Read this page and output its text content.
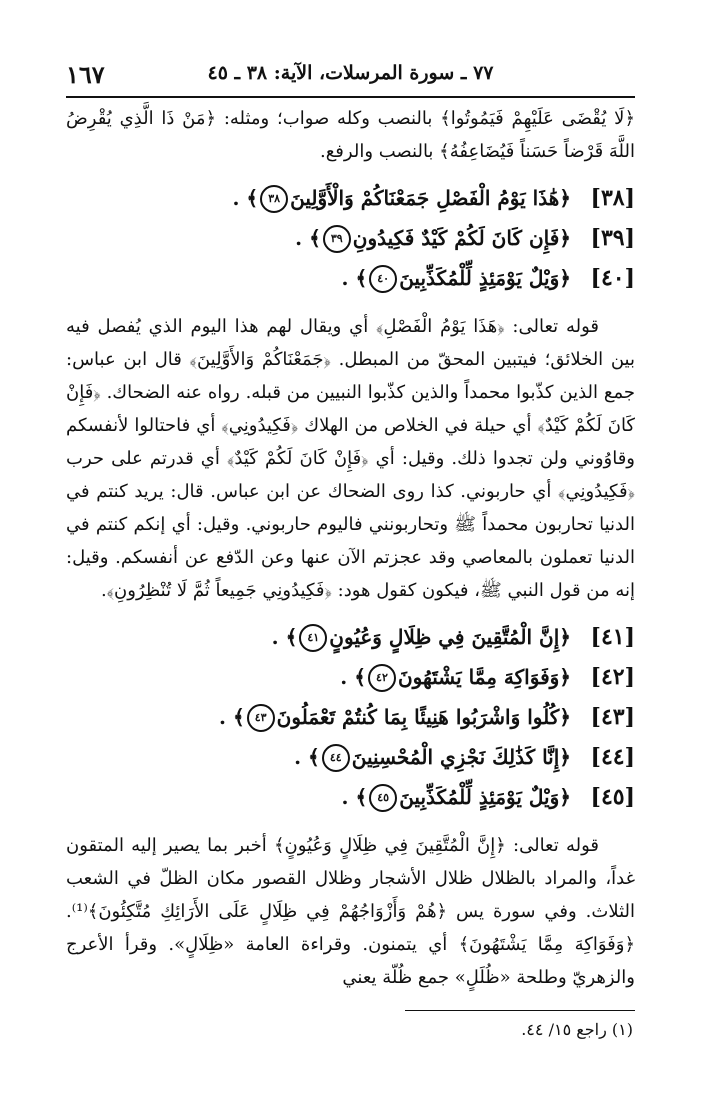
١٦٧	٧٧ ـ سورة المرسلات، الآية: ٣٨ ـ ٤٥

﴿لَا يُقْضَى عَلَيْهِمْ فَيَمُوتُوا﴾ بالنصب وكله صواب؛ ومثله: ﴿مَنْ ذَا الَّذِي يُقْرِضُ اللَّهَ قَرْضاً حَسَناً فَيُضَاعِفُهُ﴾ بالنصب والرفع.

[٣٨]
﴿هَٰذَا يَوْمُ الْفَصْلِ جَمَعْنَاكُمْ وَالْأَوَّلِينَ٣٨﴾ .
[٣٩]
﴿فَإِن كَانَ لَكُمْ كَيْدٌ فَكِيدُونِ٣٩﴾ .
[٤٠]
﴿وَيْلٌ يَوْمَئِذٍ لِّلْمُكَذِّبِينَ٤٠﴾ .

قوله تعالى: ﴿هَذَا يَوْمُ الْفَصْلِ﴾ أي ويقال لهم هذا اليوم الذي يُفصل فيه بين الخلائق؛ فيتبين المحقّ من المبطل. ﴿جَمَعْنَاكُمْ وَالأَوَّلِينَ﴾ قال ابن عباس: جمع الذين كذّبوا محمداً والذين كذّبوا النبيين من قبله. رواه عنه الضحاك. ﴿فَإِنْ كَانَ لَكُمْ كَيْدٌ﴾ أي حيلة في الخلاص من الهلاك ﴿فَكِيدُونِي﴾ أي فاحتالوا لأنفسكم وقاوُوني ولن تجدوا ذلك. وقيل: أي ﴿فَإِنْ كَانَ لَكُمْ كَيْدٌ﴾ أي قدرتم على حرب ﴿فَكِيدُونِي﴾ أي حاربوني. كذا روى الضحاك عن ابن عباس. قال: يريد كنتم في الدنيا تحاربون محمداً ﷺ وتحاربونني فاليوم حاربوني. وقيل: أي إنكم كنتم في الدنيا تعملون بالمعاصي وقد عجزتم الآن عنها وعن الدّفع عن أنفسكم. وقيل: إنه من قول النبي ﷺ، فيكون كقول هود: ﴿فَكِيدُونِي جَمِيعاً ثُمَّ لَا تُنْظِرُونِ﴾.

[٤١]
﴿إِنَّ الْمُتَّقِينَ فِي ظِلَالٍ وَعُيُونٍ٤١﴾ .
[٤٢]
﴿وَفَوَاكِهَ مِمَّا يَشْتَهُونَ٤٢﴾ .
[٤٣]
﴿كُلُوا وَاشْرَبُوا هَنِيئًا بِمَا كُنتُمْ تَعْمَلُونَ٤٣﴾ .
[٤٤]
﴿إِنَّا كَذَٰلِكَ نَجْزِي الْمُحْسِنِينَ٤٤﴾ .
[٤٥]
﴿وَيْلٌ يَوْمَئِذٍ لِّلْمُكَذِّبِينَ٤٥﴾ .

قوله تعالى: ﴿إِنَّ الْمُتَّقِينَ فِي ظِلَالٍ وَعُيُونٍ﴾ أخبر بما يصير إليه المتقون غداً، والمراد بالظلال ظلال الأشجار وظلال القصور مكان الظلّ في الشعب الثلاث. وفي سورة يس ﴿هُمْ وَأَزْوَاجُهُمْ فِي ظِلَالٍ عَلَى الأَرَائِكِ مُتَّكِئُونَ﴾⁽¹⁾. ﴿وَفَوَاكِهَ مِمَّا يَشْتَهُونَ﴾ أي يتمنون. وقراءة العامة «ظِلَالٍ». وقرأ الأعرج والزهريّ وطلحة «ظُلَلٍ» جمع ظُلّة يعني

(١) راجع ١٥/ ٤٤.
